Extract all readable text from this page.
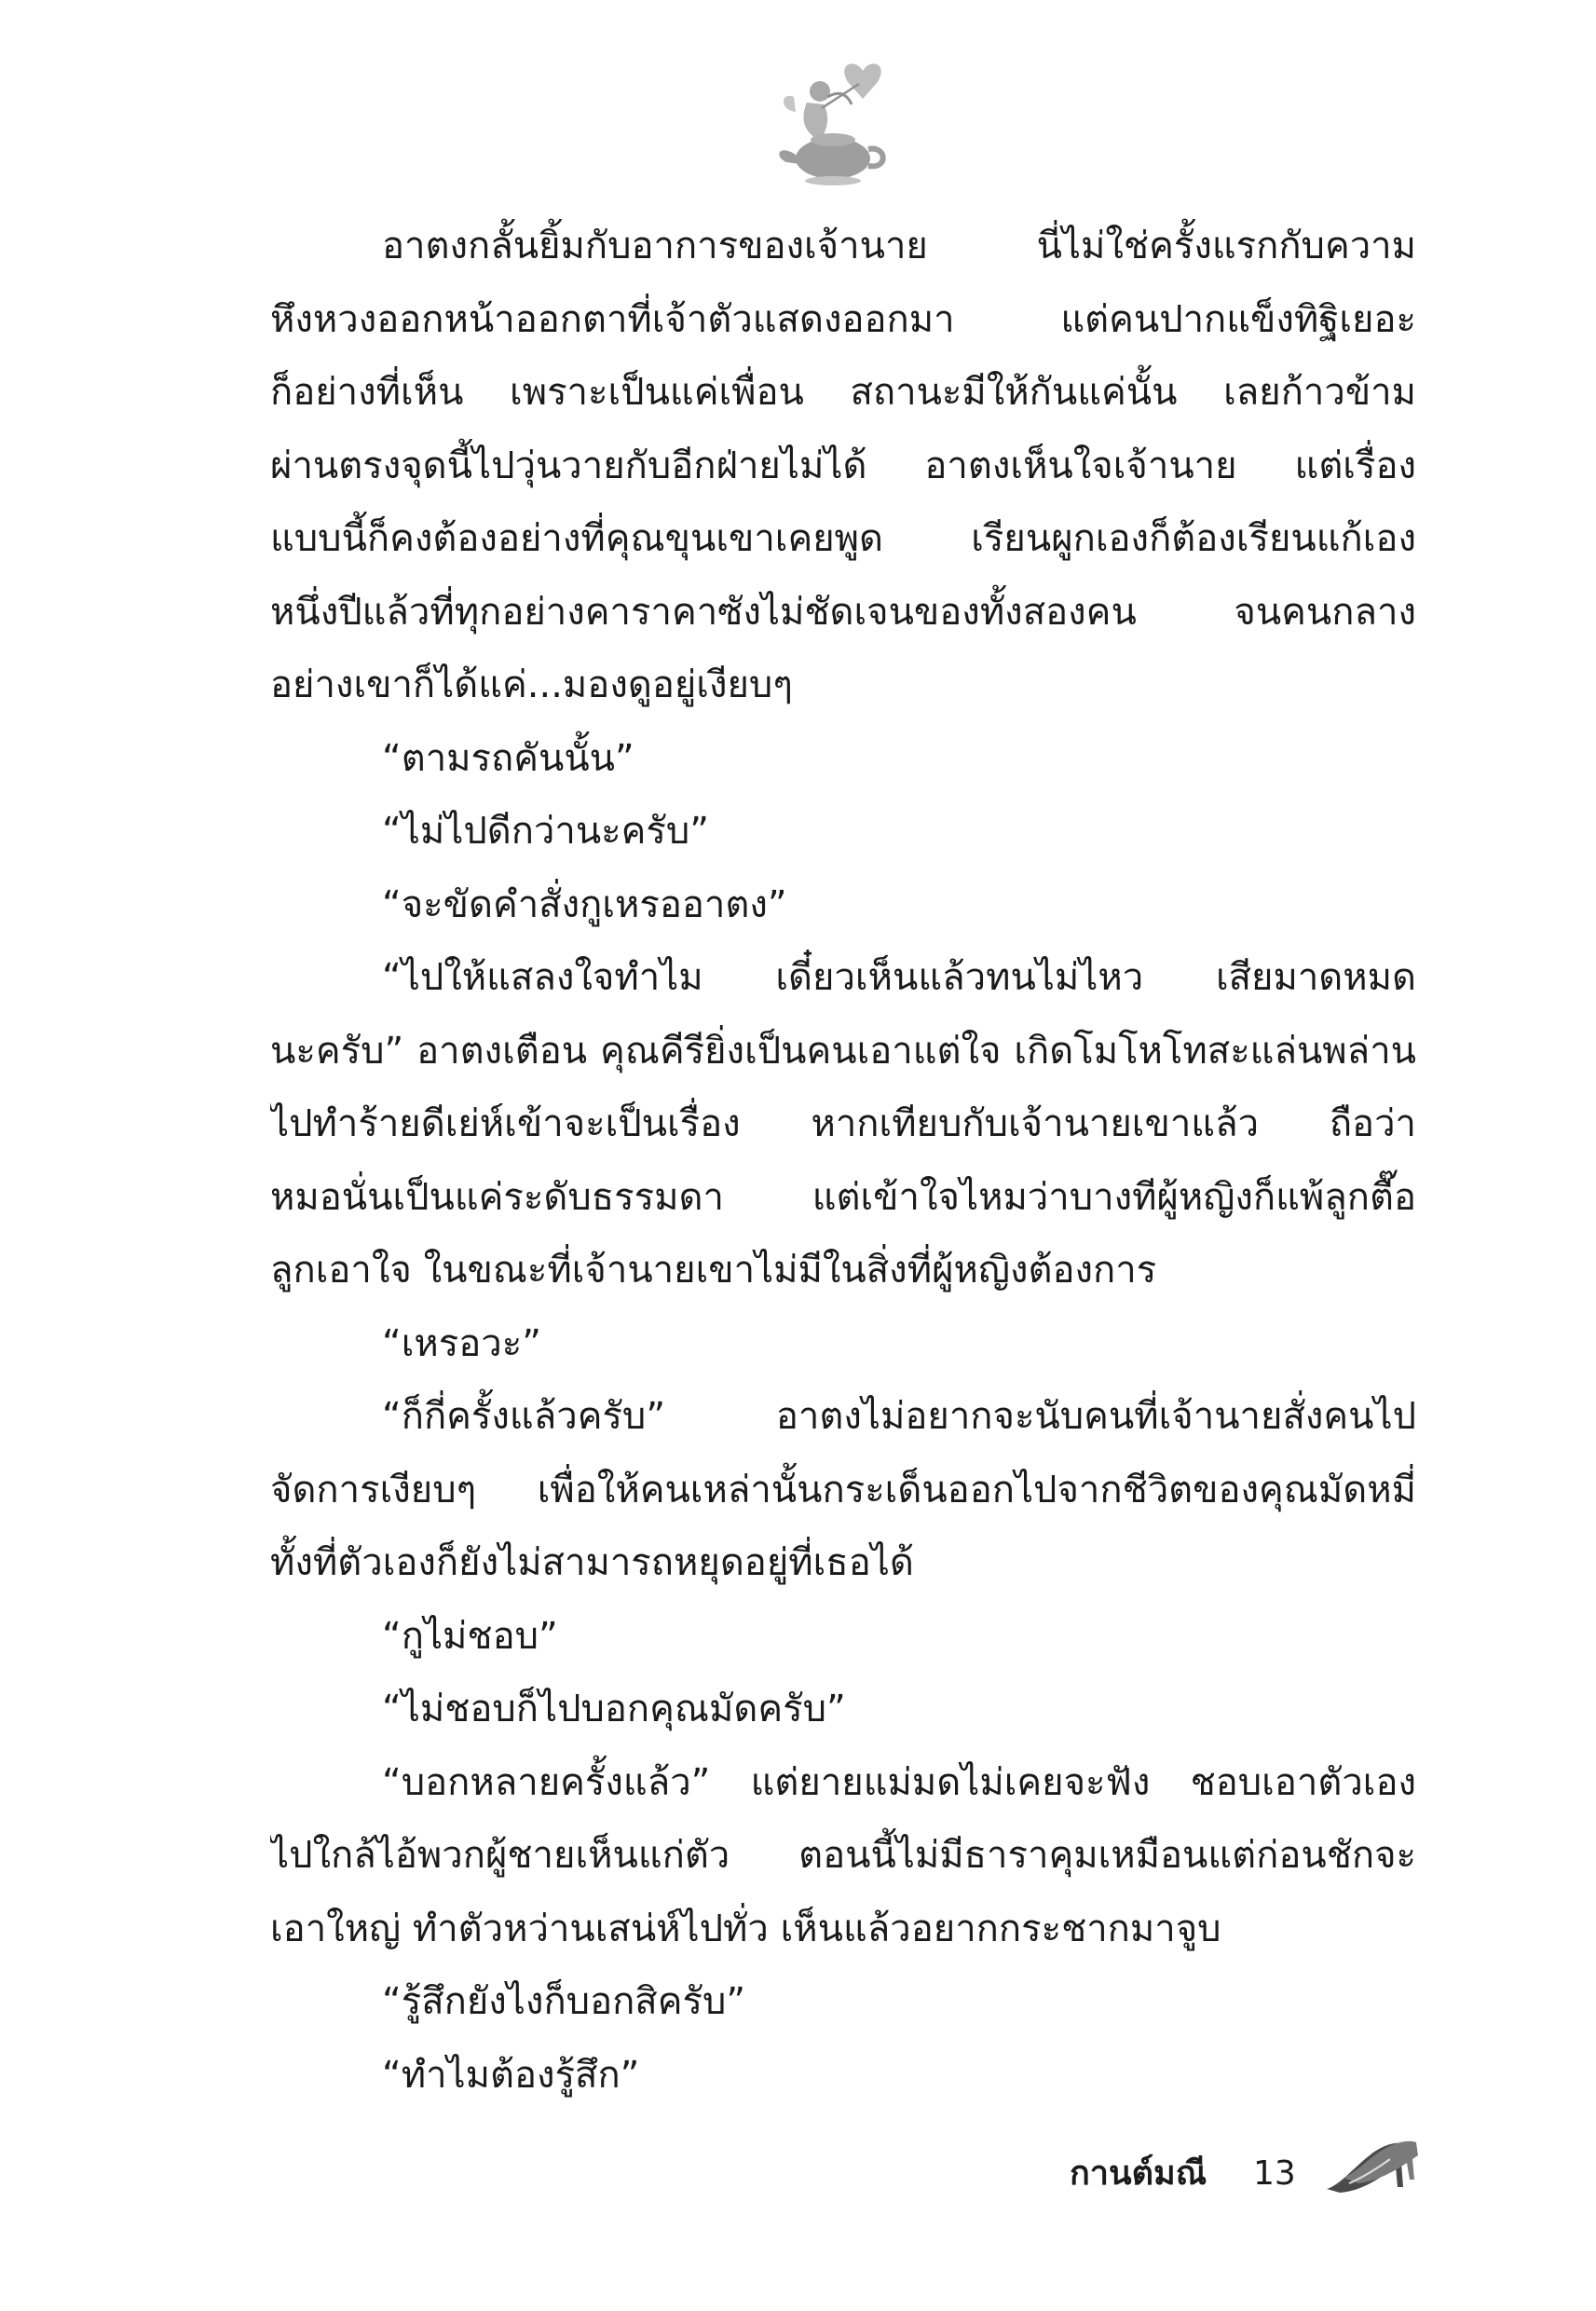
อาตงกลั้นยิ้มกับอาการของเจ้านาย นี่ไม่ใช่ครั้งแรกกับความ
หึงหวงออกหน้าออกตาที่เจ้าตัวแสดงออกมา แต่คนปากแข็งทิฐิเยอะ
ก็อย่างที่เห็น เพราะเป็นแค่เพื่อน สถานะมีให้กันแค่นั้น เลยก้าวข้าม
ผ่านตรงจุดนี้ไปวุ่นวายกับอีกฝ่ายไม่ได้ อาตงเห็นใจเจ้านาย แต่เรื่อง
แบบนี้ก็คงต้องอย่างที่คุณขุนเขาเคยพูด เรียนผูกเองก็ต้องเรียนแก้เอง
หนึ่งปีแล้วที่ทุกอย่างคาราคาซังไม่ชัดเจนของทั้งสองคน จนคนกลาง
อย่างเขาก็ได้แค่...มองดูอยู่เงียบๆ
“ตามรถคันนั้น”
“ไม่ไปดีกว่านะครับ”
“จะขัดคำสั่งกูเหรออาตง”
“ไปให้แสลงใจทำไม เดี๋ยวเห็นแล้วทนไม่ไหว เสียมาดหมด
นะครับ” อาตงเตือน คุณคีรียิ่งเป็นคนเอาแต่ใจ เกิดโมโหโทสะแล่นพล่าน
ไปทำร้ายดีเย่ห์เข้าจะเป็นเรื่อง หากเทียบกับเจ้านายเขาแล้ว ถือว่า
หมอนั่นเป็นแค่ระดับธรรมดา แต่เข้าใจไหมว่าบางทีผู้หญิงก็แพ้ลูกตื๊อ
ลูกเอาใจ ในขณะที่เจ้านายเขาไม่มีในสิ่งที่ผู้หญิงต้องการ
“เหรอวะ”
“ก็กี่ครั้งแล้วครับ” อาตงไม่อยากจะนับคนที่เจ้านายสั่งคนไป
จัดการเงียบๆ เพื่อให้คนเหล่านั้นกระเด็นออกไปจากชีวิตของคุณมัดหมี่
ทั้งที่ตัวเองก็ยังไม่สามารถหยุดอยู่ที่เธอได้
“กูไม่ชอบ”
“ไม่ชอบก็ไปบอกคุณมัดครับ”
“บอกหลายครั้งแล้ว” แต่ยายแม่มดไม่เคยจะฟัง ชอบเอาตัวเอง
ไปใกล้ไอ้พวกผู้ชายเห็นแก่ตัว ตอนนี้ไม่มีธาราคุมเหมือนแต่ก่อนชักจะ
เอาใหญ่ ทำตัวหว่านเสน่ห์ไปทั่ว เห็นแล้วอยากกระชากมาจูบ
“รู้สึกยังไงก็บอกสิครับ”
“ทำไมต้องรู้สึก”
กานต์มณี 13
